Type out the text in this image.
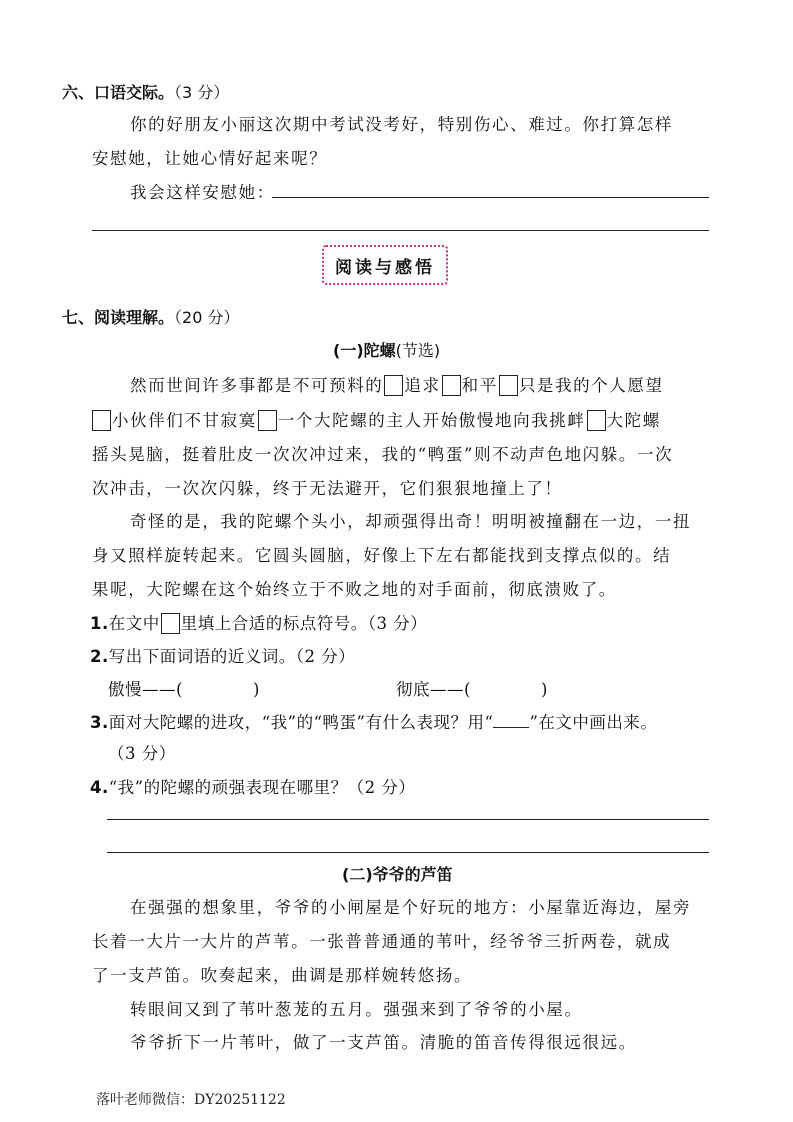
六、口语交际。（3 分）
你的好朋友小丽这次期中考试没考好，特别伤心、难过。你打算怎样
安慰她，让她心情好起来呢？
我会这样安慰她：
阅读与感悟
七、阅读理解。（20 分）
(一)陀螺(节选)
然而世间许多事都是不可预料的 追求 和平 只是我的个人愿望
小伙伴们不甘寂寞 一个大陀螺的主人开始傲慢地向我挑衅 大陀螺
摇头晃脑，挺着肚皮一次次冲过来，我的“鸭蛋”则不动声色地闪躲。一次
次冲击，一次次闪躲，终于无法避开，它们狠狠地撞上了！
奇怪的是，我的陀螺个头小，却顽强得出奇！明明被撞翻在一边，一扭
身又照样旋转起来。它圆头圆脑，好像上下左右都能找到支撑点似的。结
果呢，大陀螺在这个始终立于不败之地的对手面前，彻底溃败了。
1.在文中 里填上合适的标点符号。（3 分）
2.写出下面词语的近义词。（2 分）
傲慢——(	)	彻底——(	)
3.面对大陀螺的进攻，“我”的“鸭蛋”有什么表现？用“ ”在文中画出来。
（3 分）
4.“我”的陀螺的顽强表现在哪里？（2 分）
(二)爷爷的芦笛
在强强的想象里，爷爷的小闸屋是个好玩的地方：小屋靠近海边，屋旁
长着一大片一大片的芦苇。一张普普通通的苇叶，经爷爷三折两卷，就成
了一支芦笛。吹奏起来，曲调是那样婉转悠扬。
转眼间又到了苇叶葱茏的五月。强强来到了爷爷的小屋。
爷爷折下一片苇叶，做了一支芦笛。清脆的笛音传得很远很远。
落叶老师微信：DY20251122
